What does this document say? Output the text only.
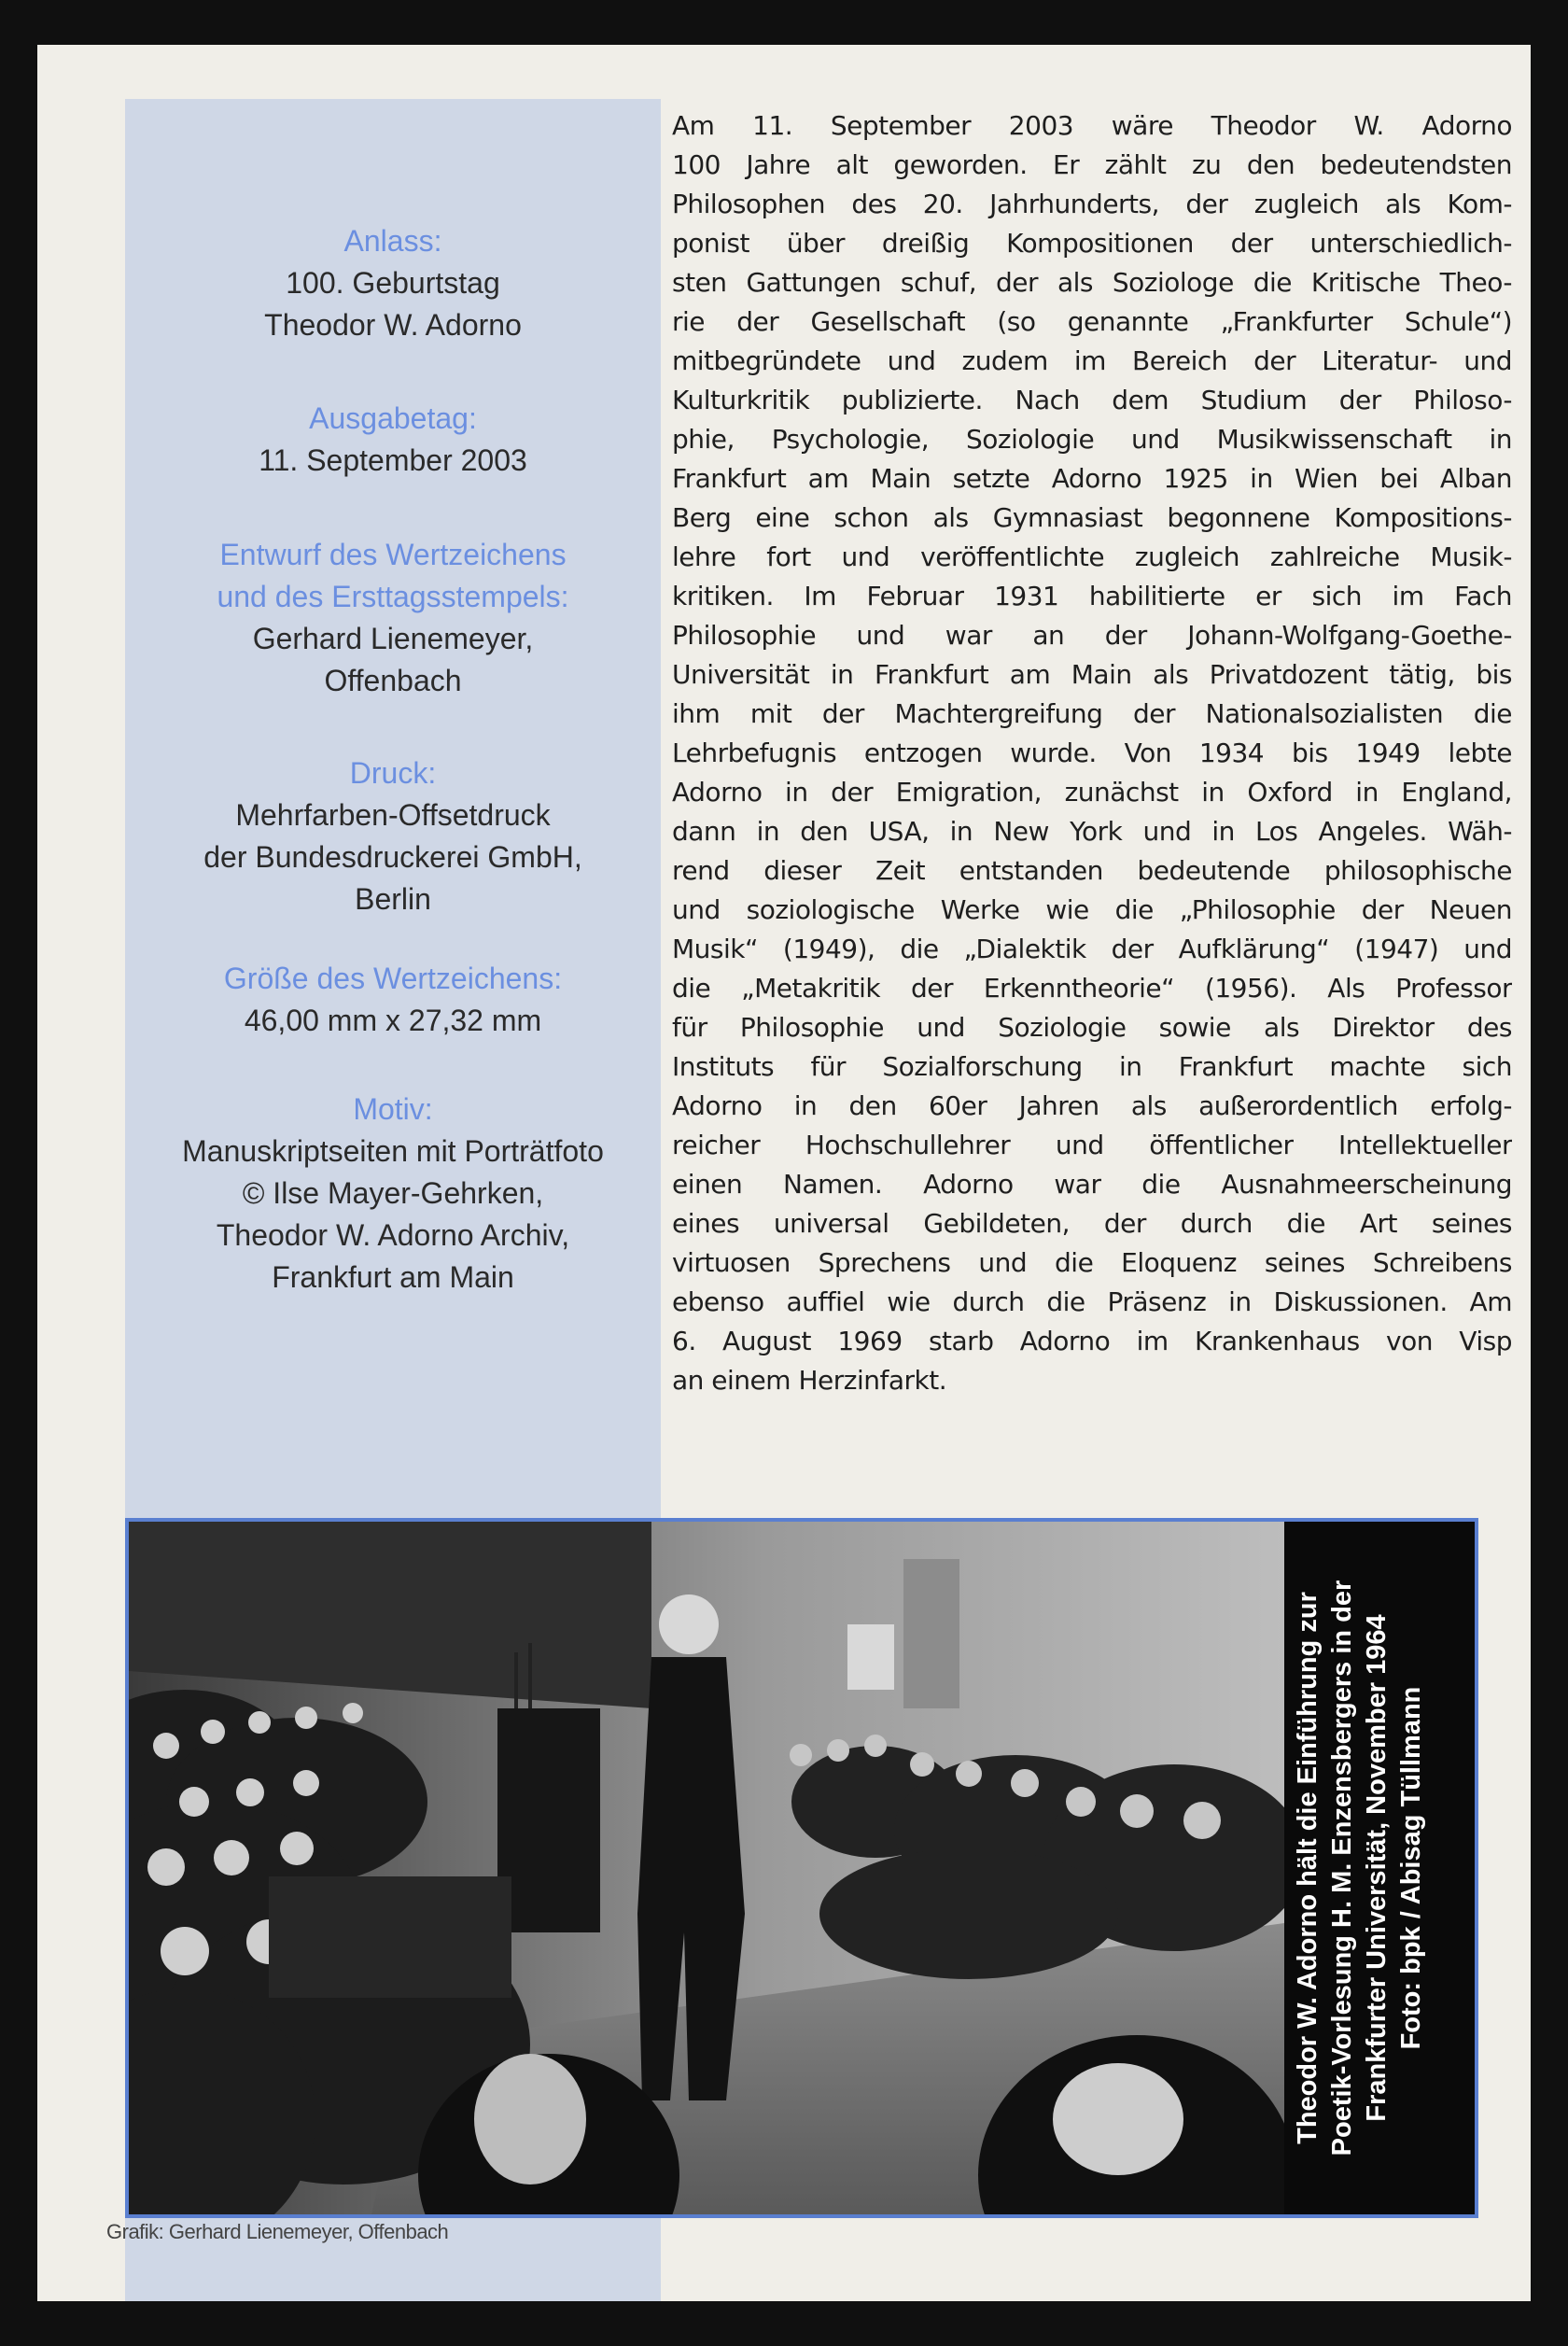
Anlass:
100. Geburtstag
Theodor W. Adorno
Ausgabetag:
11. September 2003
Entwurf des Wertzeichens
und des Ersttagsstempels:
Gerhard Lienemeyer,
Offenbach
Druck:
Mehrfarben-Offsetdruck
der Bundesdruckerei GmbH,
Berlin
Größe des Wertzeichens:
46,00 mm x 27,32 mm
Motiv:
Manuskriptseiten mit Porträtfoto
© Ilse Mayer-Gehrken,
Theodor W. Adorno Archiv,
Frankfurt am Main
Am 11. September 2003 wäre Theodor W. Adorno
100 Jahre alt geworden. Er zählt zu den bedeutendsten
Philosophen des 20. Jahrhunderts, der zugleich als Kom-
ponist über dreißig Kompositionen der unterschiedlich-
sten Gattungen schuf, der als Soziologe die Kritische Theo-
rie der Gesellschaft (so genannte „Frankfurter Schule“)
mitbegründete und zudem im Bereich der Literatur- und
Kulturkritik publizierte. Nach dem Studium der Philoso-
phie, Psychologie, Soziologie und Musikwissenschaft in
Frankfurt am Main setzte Adorno 1925 in Wien bei Alban
Berg eine schon als Gymnasiast begonnene Kompositions-
lehre fort und veröffentlichte zugleich zahlreiche Musik-
kritiken. Im Februar 1931 habilitierte er sich im Fach
Philosophie und war an der Johann-Wolfgang-Goethe-
Universität in Frankfurt am Main als Privatdozent tätig, bis
ihm mit der Machtergreifung der Nationalsozialisten die
Lehrbefugnis entzogen wurde. Von 1934 bis 1949 lebte
Adorno in der Emigration, zunächst in Oxford in England,
dann in den USA, in New York und in Los Angeles. Wäh-
rend dieser Zeit entstanden bedeutende philosophische
und soziologische Werke wie die „Philosophie der Neuen
Musik“ (1949), die „Dialektik der Aufklärung“ (1947) und
die „Metakritik der Erkenntheorie“ (1956). Als Professor
für Philosophie und Soziologie sowie als Direktor des
Instituts für Sozialforschung in Frankfurt machte sich
Adorno in den 60er Jahren als außerordentlich erfolg-
reicher Hochschullehrer und öffentlicher Intellektueller
einen Namen. Adorno war die Ausnahmeerscheinung
eines universal Gebildeten, der durch die Art seines
virtuosen Sprechens und die Eloquenz seines Schreibens
ebenso auffiel wie durch die Präsenz in Diskussionen. Am
6. August 1969 starb Adorno im Krankenhaus von Visp
an einem Herzinfarkt.
Theodor W. Adorno hält die Einführung zur Poetik-Vorlesung H. M. Enzensbergers in der Frankfurter Universität, November 1964 Foto: bpk / Abisag Tüllmann
Grafik: Gerhard Lienemeyer, Offenbach
